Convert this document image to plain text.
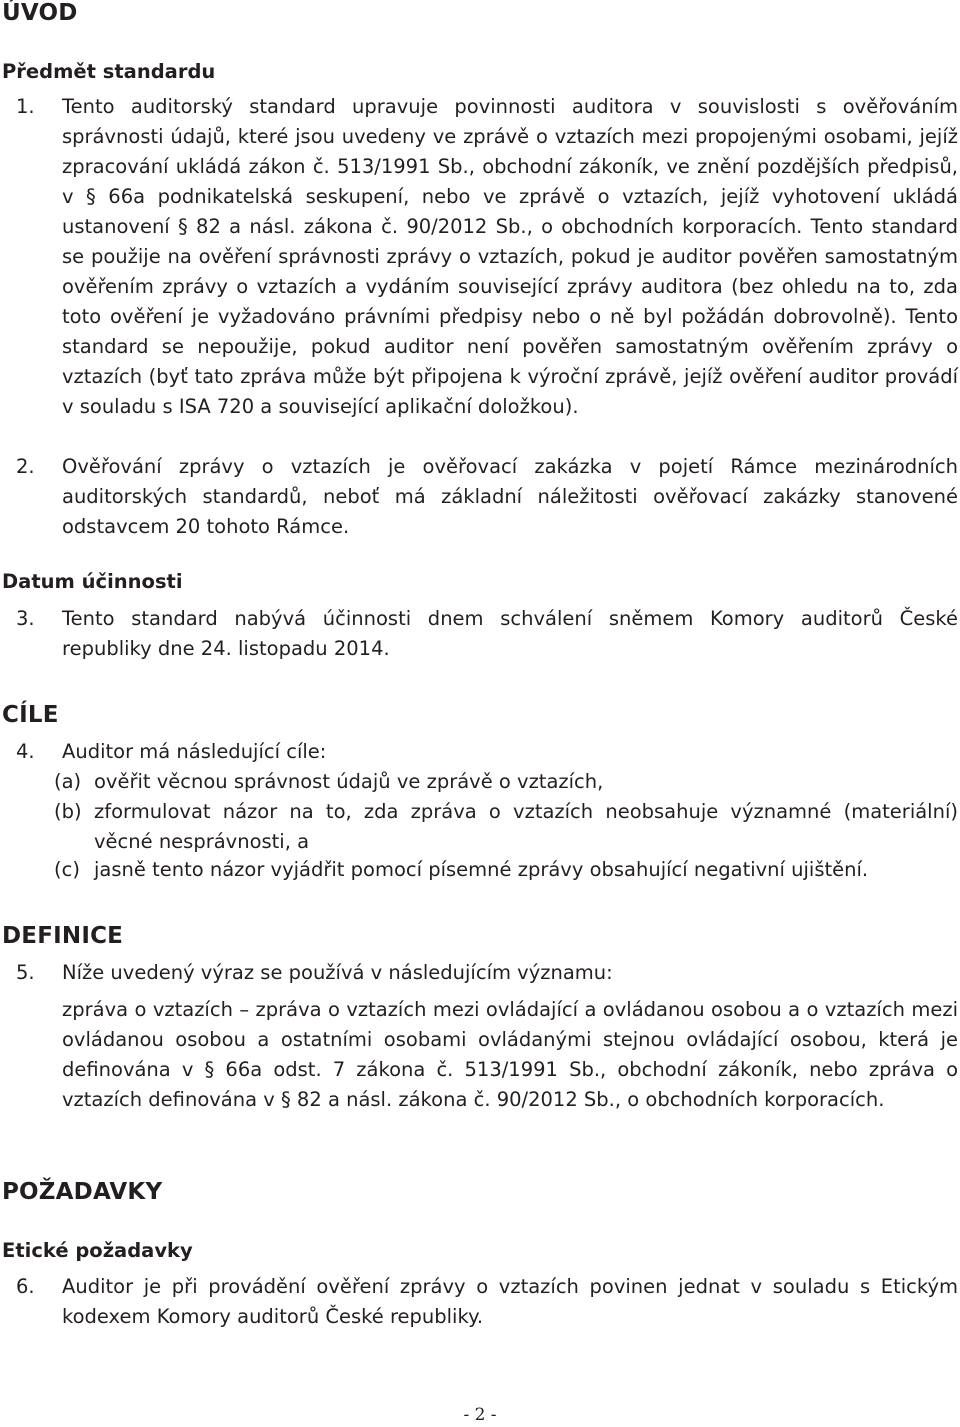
ÚVOD
Předmět standardu
1. Tento auditorský standard upravuje povinnosti auditora v souvislosti s ověřováním správnosti údajů, které jsou uvedeny ve zprávě o vztazích mezi propojenými osobami, jejíž zpracování ukládá zákon č. 513/1991 Sb., obchodní zákoník, ve znění pozdějších předpisů, v § 66a podnikatelská seskupení, nebo ve zprávě o vztazích, jejíž vyhotovení ukládá ustanovení § 82 a násl. zákona č. 90/2012 Sb., o obchodních korporacích. Tento standard se použije na ověření správnosti zprávy o vztazích, pokud je auditor pověřen samostatným ověřením zprávy o vztazích a vydáním související zprávy auditora (bez ohledu na to, zda toto ověření je vyžadováno právními předpisy nebo o ně byl požádán dobrovolně). Tento standard se nepoužije, pokud auditor není pověřen samostatným ověřením zprávy o vztazích (byť tato zpráva může být připojena k výroční zprávě, jejíž ověření auditor provádí v souladu s ISA 720 a související aplikační doložkou).

2. Ověřování zprávy o vztazích je ověřovací zakázka v pojetí Rámce mezinárodních auditorských standardů, neboť má základní náležitosti ověřovací zakázky stanovené odstavcem 20 tohoto Rámce.

Datum účinnosti
3. Tento standard nabývá účinnosti dnem schválení sněmem Komory auditorů České republiky dne 24. listopadu 2014.

CÍLE
4. Auditor má následující cíle:

(a) ověřit věcnou správnost údajů ve zprávě o vztazích,

(b) zformulovat názor na to, zda zpráva o vztazích neobsahuje významné (materiální) věcné nesprávnosti, a

(c) jasně tento názor vyjádřit pomocí písemné zprávy obsahující negativní ujištění.

DEFINICE
5. Níže uvedený výraz se používá v následujícím významu:

zpráva o vztazích – zpráva o vztazích mezi ovládající a ovládanou osobou a o vztazích mezi ovládanou osobou a ostatními osobami ovládanými stejnou ovládající osobou, která je definována v § 66a odst. 7 zákona č. 513/1991 Sb., obchodní zákoník, nebo zpráva o vztazích definována v § 82 a násl. zákona č. 90/2012 Sb., o obchodních korporacích.

POŽADAVKY
Etické požadavky
6. Auditor je při provádění ověření zprávy o vztazích povinen jednat v souladu s Etickým kodexem Komory auditorů České republiky.

- 2 -
